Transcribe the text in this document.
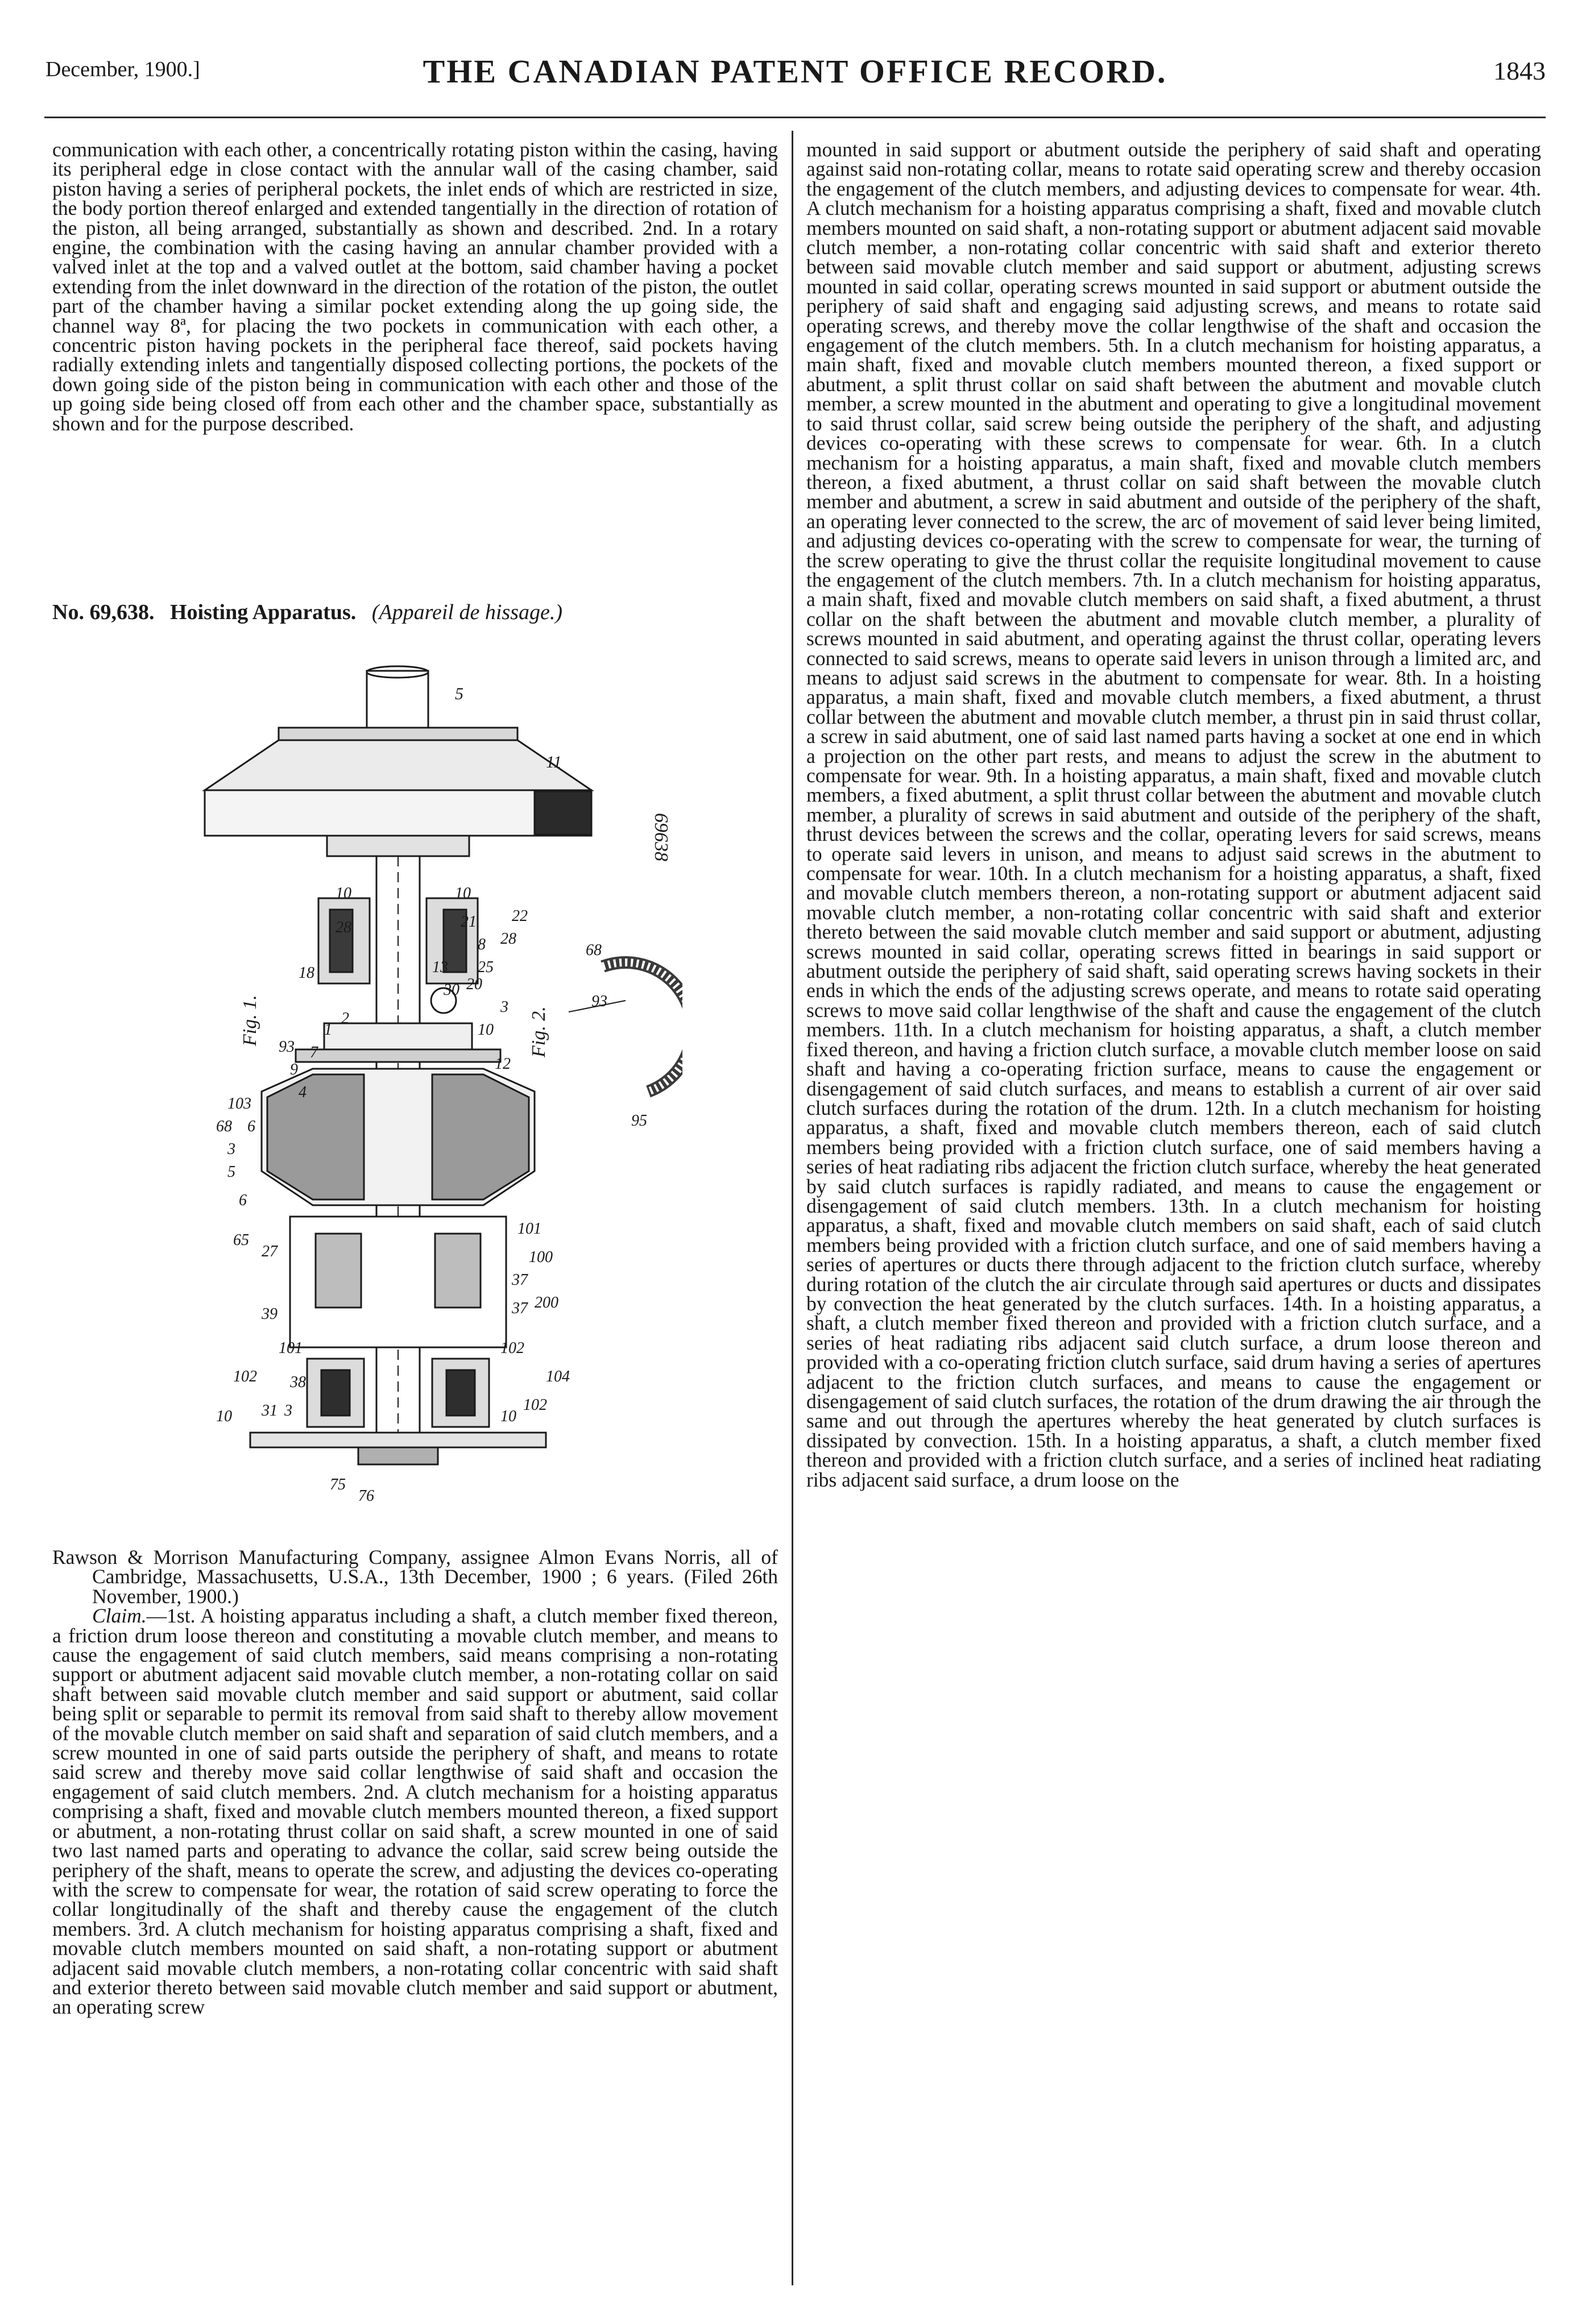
December, 1900.]	THE CANADIAN PATENT OFFICE RECORD.	1843

communication with each other, a concentrically rotating piston within the casing, having its peripheral edge in close contact with the annular wall of the casing chamber, said piston having a series of peripheral pockets, the inlet ends of which are restricted in size, the body portion thereof enlarged and extended tangentially in the direction of rotation of the piston, all being arranged, substantially as shown and described. 2nd. In a rotary engine, the combination with the casing having an annular chamber provided with a valved inlet at the top and a valved outlet at the bottom, said chamber having a pocket extending from the inlet downward in the direction of the rotation of the piston, the outlet part of the chamber having a similar pocket extending along the up going side, the channel way 8ª, for placing the two pockets in communication with each other, a concentric piston having pockets in the peripheral face thereof, said pockets having radially extending inlets and tangentially disposed collecting portions, the pockets of the down going side of the piston being in communication with each other and those of the up going side being closed off from each other and the chamber space, substantially as shown and for the purpose described.

No. 69,638. Hoisting Apparatus. (Appareil de hissage.)
Fig. 1.	Fig. 2.
69638
5
11
10
28
18
10
21
8
13
30 20
25
28
22
3
10
12
95
2
1
7
9
93
4
103
68 6
3
5
6
65
27
37
100
200
101
37
102
39
101
102	104
38
102
10 31 3	10
75
76
68
93

Rawson & Morrison Manufacturing Company, assignee Almon Evans Norris, all of Cambridge, Massachusetts, U.S.A., 13th December, 1900 ; 6 years. (Filed 26th November, 1900.)

Claim.—1st. A hoisting apparatus including a shaft, a clutch member fixed thereon, a friction drum loose thereon and constituting a movable clutch member, and means to cause the engagement of said clutch members, said means comprising a non-rotating support or abutment adjacent said movable clutch member, a non-rotating collar on said shaft between said movable clutch member and said support or abutment, said collar being split or separable to permit its removal from said shaft to thereby allow movement of the movable clutch member on said shaft and separation of said clutch members, and a screw mounted in one of said parts outside the periphery of shaft, and means to rotate said screw and thereby move said collar lengthwise of said shaft and occasion the engagement of said clutch members. 2nd. A clutch mechanism for a hoisting apparatus comprising a shaft, fixed and movable clutch members mounted thereon, a fixed support or abutment, a non-rotating thrust collar on said shaft, a screw mounted in one of said two last named parts and operating to advance the collar, said screw being outside the periphery of the shaft, means to operate the screw, and adjusting the devices co-operating with the screw to compensate for wear, the rotation of said screw operating to force the collar longitudinally of the shaft and thereby cause the engagement of the clutch members. 3rd. A clutch mechanism for hoisting apparatus comprising a shaft, fixed and movable clutch members mounted on said shaft, a non-rotating support or abutment adjacent said movable clutch members, a non-rotating collar concentric with said shaft and exterior thereto between said movable clutch member and said support or abutment, an operating screw

mounted in said support or abutment outside the periphery of said shaft and operating against said non-rotating collar, means to rotate said operating screw and thereby occasion the engagement of the clutch members, and adjusting devices to compensate for wear. 4th. A clutch mechanism for a hoisting apparatus comprising a shaft, fixed and movable clutch members mounted on said shaft, a non-rotating support or abutment adjacent said movable clutch member, a non-rotating collar concentric with said shaft and exterior thereto between said movable clutch member and said support or abutment, adjusting screws mounted in said collar, operating screws mounted in said support or abutment outside the periphery of said shaft and engaging said adjusting screws, and means to rotate said operating screws, and thereby move the collar lengthwise of the shaft and occasion the engagement of the clutch members. 5th. In a clutch mechanism for hoisting apparatus, a main shaft, fixed and movable clutch members mounted thereon, a fixed support or abutment, a split thrust collar on said shaft between the abutment and movable clutch member, a screw mounted in the abutment and operating to give a longitudinal movement to said thrust collar, said screw being outside the periphery of the shaft, and adjusting devices co-operating with these screws to compensate for wear. 6th. In a clutch mechanism for a hoisting apparatus, a main shaft, fixed and movable clutch members thereon, a fixed abutment, a thrust collar on said shaft between the movable clutch member and abutment, a screw in said abutment and outside of the periphery of the shaft, an operating lever connected to the screw, the arc of movement of said lever being limited, and adjusting devices co-operating with the screw to compensate for wear, the turning of the screw operating to give the thrust collar the requisite longitudinal movement to cause the engagement of the clutch members. 7th. In a clutch mechanism for hoisting apparatus, a main shaft, fixed and movable clutch members on said shaft, a fixed abutment, a thrust collar on the shaft between the abutment and movable clutch member, a plurality of screws mounted in said abutment, and operating against the thrust collar, operating levers connected to said screws, means to operate said levers in unison through a limited arc, and means to adjust said screws in the abutment to compensate for wear. 8th. In a hoisting apparatus, a main shaft, fixed and movable clutch members, a fixed abutment, a thrust collar between the abutment and movable clutch member, a thrust pin in said thrust collar, a screw in said abutment, one of said last named parts having a socket at one end in which a projection on the other part rests, and means to adjust the screw in the abutment to compensate for wear. 9th. In a hoisting apparatus, a main shaft, fixed and movable clutch members, a fixed abutment, a split thrust collar between the abutment and movable clutch member, a plurality of screws in said abutment and outside of the periphery of the shaft, thrust devices between the screws and the collar, operating levers for said screws, means to operate said levers in unison, and means to adjust said screws in the abutment to compensate for wear. 10th. In a clutch mechanism for a hoisting apparatus, a shaft, fixed and movable clutch members thereon, a non-rotating support or abutment adjacent said movable clutch member, a non-rotating collar concentric with said shaft and exterior thereto between the said movable clutch member and said support or abutment, adjusting screws mounted in said collar, operating screws fitted in bearings in said support or abutment outside the periphery of said shaft, said operating screws having sockets in their ends in which the ends of the adjusting screws operate, and means to rotate said operating screws to move said collar lengthwise of the shaft and cause the engagement of the clutch members. 11th. In a clutch mechanism for hoisting apparatus, a shaft, a clutch member fixed thereon, and having a friction clutch surface, a movable clutch member loose on said shaft and having a co-operating friction surface, means to cause the engagement or disengagement of said clutch surfaces, and means to establish a current of air over said clutch surfaces during the rotation of the drum. 12th. In a clutch mechanism for hoisting apparatus, a shaft, fixed and movable clutch members thereon, each of said clutch members being provided with a friction clutch surface, one of said members having a series of heat radiating ribs adjacent the friction clutch surface, whereby the heat generated by said clutch surfaces is rapidly radiated, and means to cause the engagement or disengagement of said clutch members. 13th. In a clutch mechanism for hoisting apparatus, a shaft, fixed and movable clutch members on said shaft, each of said clutch members being provided with a friction clutch surface, and one of said members having a series of apertures or ducts there through adjacent to the friction clutch surface, whereby during rotation of the clutch the air circulate through said apertures or ducts and dissipates by convection the heat generated by the clutch surfaces. 14th. In a hoisting apparatus, a shaft, a clutch member fixed thereon and provided with a friction clutch surface, and a series of heat radiating ribs adjacent said clutch surface, a drum loose thereon and provided with a co-operating friction clutch surface, said drum having a series of apertures adjacent to the friction clutch surfaces, and means to cause the engagement or disengagement of said clutch surfaces, the rotation of the drum drawing the air through the same and out through the apertures whereby the heat generated by clutch surfaces is dissipated by convection. 15th. In a hoisting apparatus, a shaft, a clutch member fixed thereon and provided with a friction clutch surface, and a series of inclined heat radiating ribs adjacent said surface, a drum loose on the
